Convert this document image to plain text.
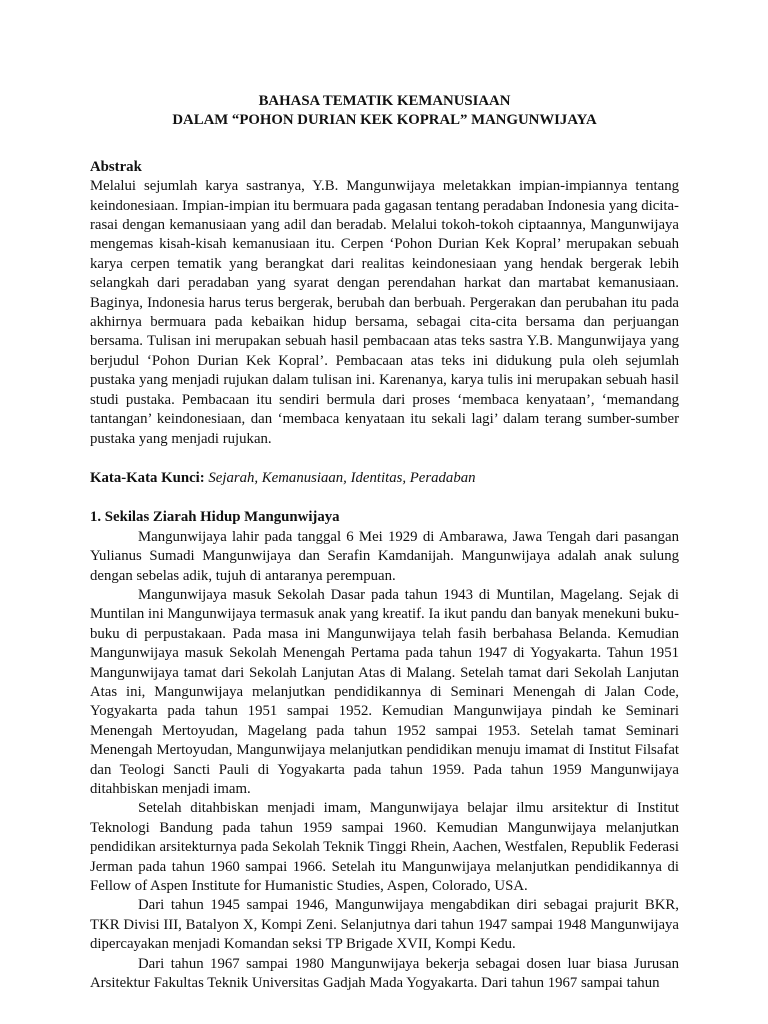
BAHASA TEMATIK KEMANUSIAAN

DALAM “POHON DURIAN KEK KOPRAL” MANGUNWIJAYA

Abstrak

Melalui sejumlah karya sastranya, Y.B. Mangunwijaya meletakkan impian-impiannya tentang keindonesiaan. Impian-impian itu bermuara pada gagasan tentang peradaban Indonesia yang dicita-rasai dengan kemanusiaan yang adil dan beradab. Melalui tokoh-tokoh ciptaannya, Mangunwijaya mengemas kisah-kisah kemanusiaan itu. Cerpen ‘Pohon Durian Kek Kopral’ merupakan sebuah karya cerpen tematik yang berangkat dari realitas keindonesiaan yang hendak bergerak lebih selangkah dari peradaban yang syarat dengan perendahan harkat dan martabat kemanusiaan. Baginya, Indonesia harus terus bergerak, berubah dan berbuah. Pergerakan dan perubahan itu pada akhirnya bermuara pada kebaikan hidup bersama, sebagai cita-cita bersama dan perjuangan bersama. Tulisan ini merupakan sebuah hasil pembacaan atas teks sastra Y.B. Mangunwijaya yang berjudul ‘Pohon Durian Kek Kopral’. Pembacaan atas teks ini didukung pula oleh sejumlah pustaka yang menjadi rujukan dalam tulisan ini. Karenanya, karya tulis ini merupakan sebuah hasil studi pustaka. Pembacaan itu sendiri bermula dari proses ‘membaca kenyataan’, ‘memandang tantangan’ keindonesiaan, dan ‘membaca kenyataan itu sekali lagi’ dalam terang sumber-sumber pustaka yang menjadi rujukan.

Kata-Kata Kunci: Sejarah, Kemanusiaan, Identitas, Peradaban

1. Sekilas Ziarah Hidup Mangunwijaya

Mangunwijaya lahir pada tanggal 6 Mei 1929 di Ambarawa, Jawa Tengah dari pasangan Yulianus Sumadi Mangunwijaya dan Serafin Kamdanijah. Mangunwijaya adalah anak sulung dengan sebelas adik, tujuh di antaranya perempuan.

Mangunwijaya masuk Sekolah Dasar pada tahun 1943 di Muntilan, Magelang. Sejak di Muntilan ini Mangunwijaya termasuk anak yang kreatif. Ia ikut pandu dan banyak menekuni buku-buku di perpustakaan. Pada masa ini Mangunwijaya telah fasih berbahasa Belanda. Kemudian Mangunwijaya masuk Sekolah Menengah Pertama pada tahun 1947 di Yogyakarta. Tahun 1951 Mangunwijaya tamat dari Sekolah Lanjutan Atas di Malang. Setelah tamat dari Sekolah Lanjutan Atas ini, Mangunwijaya melanjutkan pendidikannya di Seminari Menengah di Jalan Code, Yogyakarta pada tahun 1951 sampai 1952. Kemudian Mangunwijaya pindah ke Seminari Menengah Mertoyudan, Magelang pada tahun 1952 sampai 1953. Setelah tamat Seminari Menengah Mertoyudan, Mangunwijaya melanjutkan pendidikan menuju imamat di Institut Filsafat dan Teologi Sancti Pauli di Yogyakarta pada tahun 1959. Pada tahun 1959 Mangunwijaya ditahbiskan menjadi imam.

Setelah ditahbiskan menjadi imam, Mangunwijaya belajar ilmu arsitektur di Institut Teknologi Bandung pada tahun 1959 sampai 1960. Kemudian Mangunwijaya melanjutkan pendidikan arsitekturnya pada Sekolah Teknik Tinggi Rhein, Aachen, Westfalen, Republik Federasi Jerman pada tahun 1960 sampai 1966. Setelah itu Mangunwijaya melanjutkan pendidikannya di Fellow of Aspen Institute for Humanistic Studies, Aspen, Colorado, USA.

Dari tahun 1945 sampai 1946, Mangunwijaya mengabdikan diri sebagai prajurit BKR, TKR Divisi III, Batalyon X, Kompi Zeni. Selanjutnya dari tahun 1947 sampai 1948 Mangunwijaya dipercayakan menjadi Komandan seksi TP Brigade XVII, Kompi Kedu.

Dari tahun 1967 sampai 1980 Mangunwijaya bekerja sebagai dosen luar biasa Jurusan Arsitektur Fakultas Teknik Universitas Gadjah Mada Yogyakarta. Dari tahun 1967 sampai tahun
